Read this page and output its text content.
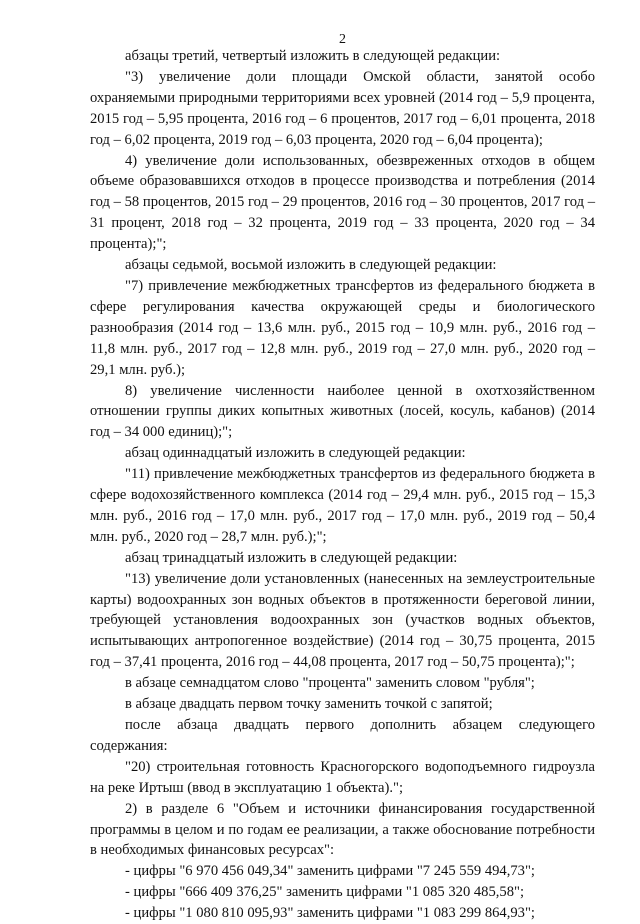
2

абзацы третий, четвертый изложить в следующей редакции:

"3) увеличение доли площади Омской области, занятой особо охраняемыми природными территориями всех уровней (2014 год – 5,9 процента, 2015 год – 5,95 процента, 2016 год – 6 процентов, 2017 год – 6,01 процента, 2018 год – 6,02 процента, 2019 год – 6,03 процента, 2020 год – 6,04 процента);

4) увеличение доли использованных, обезвреженных отходов в общем объеме образовавшихся отходов в процессе производства и потребления (2014 год – 58 процентов, 2015 год – 29 процентов, 2016 год – 30 процентов, 2017 год – 31 процент, 2018 год – 32 процента, 2019 год – 33 процента, 2020 год – 34 процента);";

абзацы седьмой, восьмой изложить в следующей редакции:

"7) привлечение межбюджетных трансфертов из федерального бюджета в сфере регулирования качества окружающей среды и биологического разнообразия (2014 год – 13,6 млн. руб., 2015 год – 10,9 млн. руб., 2016 год – 11,8 млн. руб., 2017 год – 12,8 млн. руб., 2019 год – 27,0 млн. руб., 2020 год – 29,1 млн. руб.);

8) увеличение численности наиболее ценной в охотхозяйственном отношении группы диких копытных животных (лосей, косуль, кабанов) (2014 год – 34 000 единиц);";

абзац одиннадцатый изложить в следующей редакции:

"11) привлечение межбюджетных трансфертов из федерального бюджета в сфере водохозяйственного комплекса (2014 год – 29,4 млн. руб., 2015 год – 15,3 млн. руб., 2016 год – 17,0 млн. руб., 2017 год – 17,0 млн. руб., 2019 год – 50,4 млн. руб., 2020 год – 28,7 млн. руб.);";

абзац тринадцатый изложить в следующей редакции:

"13) увеличение доли установленных (нанесенных на землеустроительные карты) водоохранных зон водных объектов в протяженности береговой линии, требующей установления водоохранных зон (участков водных объектов, испытывающих антропогенное воздействие) (2014 год – 30,75 процента, 2015 год – 37,41 процента, 2016 год – 44,08 процента, 2017 год – 50,75 процента);";

в абзаце семнадцатом слово "процента" заменить словом "рубля";

в абзаце двадцать первом точку заменить точкой с запятой;

после абзаца двадцать первого дополнить абзацем следующего содержания:

"20) строительная готовность Красногорского водоподъемного гидроузла на реке Иртыш (ввод в эксплуатацию 1 объекта).";

2) в разделе 6 "Объем и источники финансирования государственной программы в целом и по годам ее реализации, а также обоснование потребности в необходимых финансовых ресурсах":

- цифры "6 970 456 049,34" заменить цифрами "7 245 559 494,73";

- цифры "666 409 376,25" заменить цифрами "1 085 320 485,58";

- цифры "1 080 810 095,93" заменить цифрами "1 083 299 864,93";
